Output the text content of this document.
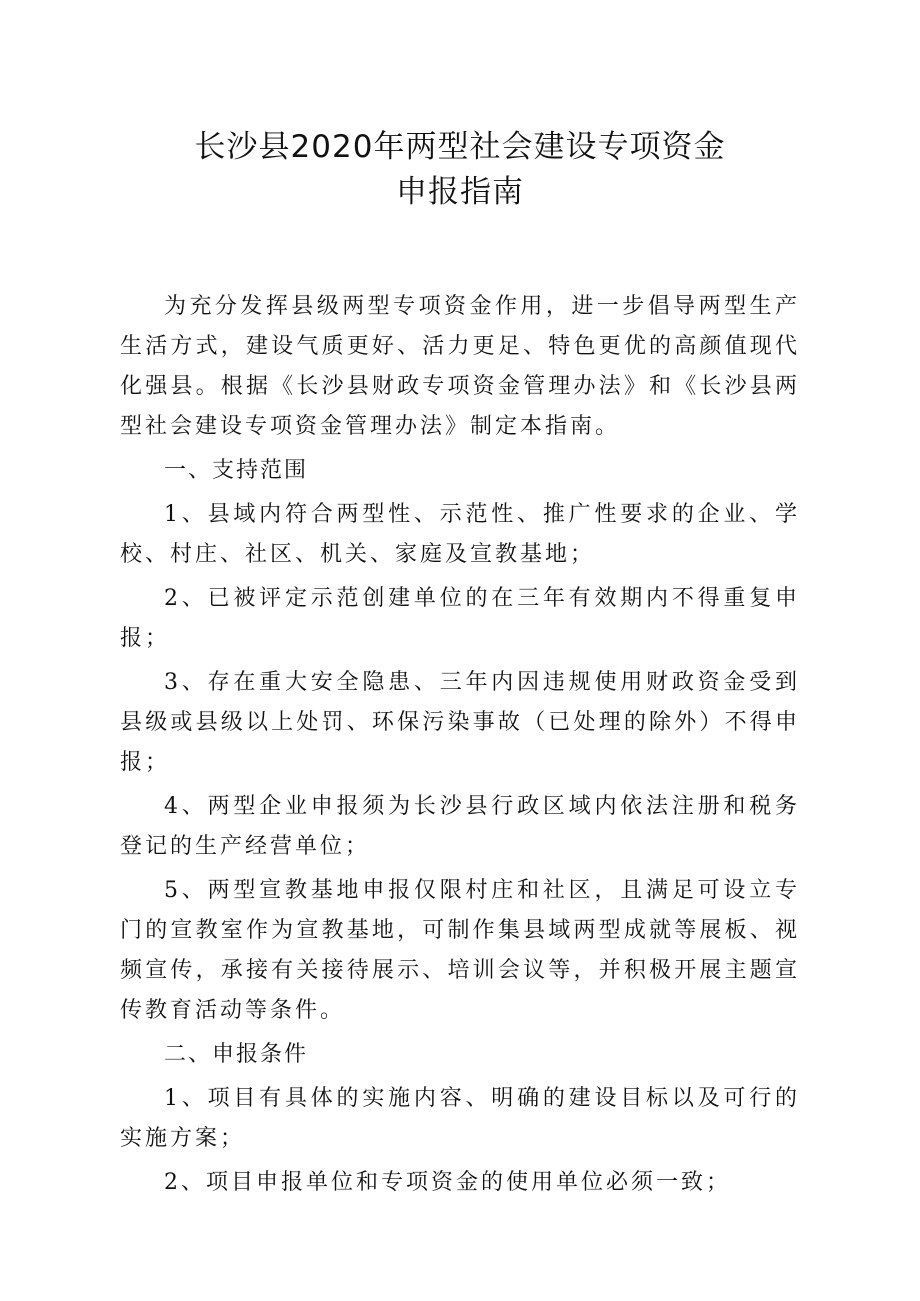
长沙县2020年两型社会建设专项资金
申报指南

为充分发挥县级两型专项资金作用，进一步倡导两型生产生活方式，建设气质更好、活力更足、特色更优的高颜值现代化强县。根据《长沙县财政专项资金管理办法》和《长沙县两型社会建设专项资金管理办法》制定本指南。

一、支持范围

1、县域内符合两型性、示范性、推广性要求的企业、学校、村庄、社区、机关、家庭及宣教基地；

2、已被评定示范创建单位的在三年有效期内不得重复申报；

3、存在重大安全隐患、三年内因违规使用财政资金受到县级或县级以上处罚、环保污染事故（已处理的除外）不得申报；

4、两型企业申报须为长沙县行政区域内依法注册和税务登记的生产经营单位；

5、两型宣教基地申报仅限村庄和社区，且满足可设立专门的宣教室作为宣教基地，可制作集县域两型成就等展板、视频宣传，承接有关接待展示、培训会议等，并积极开展主题宣传教育活动等条件。

二、申报条件

1、项目有具体的实施内容、明确的建设目标以及可行的实施方案；

2、项目申报单位和专项资金的使用单位必须一致；
